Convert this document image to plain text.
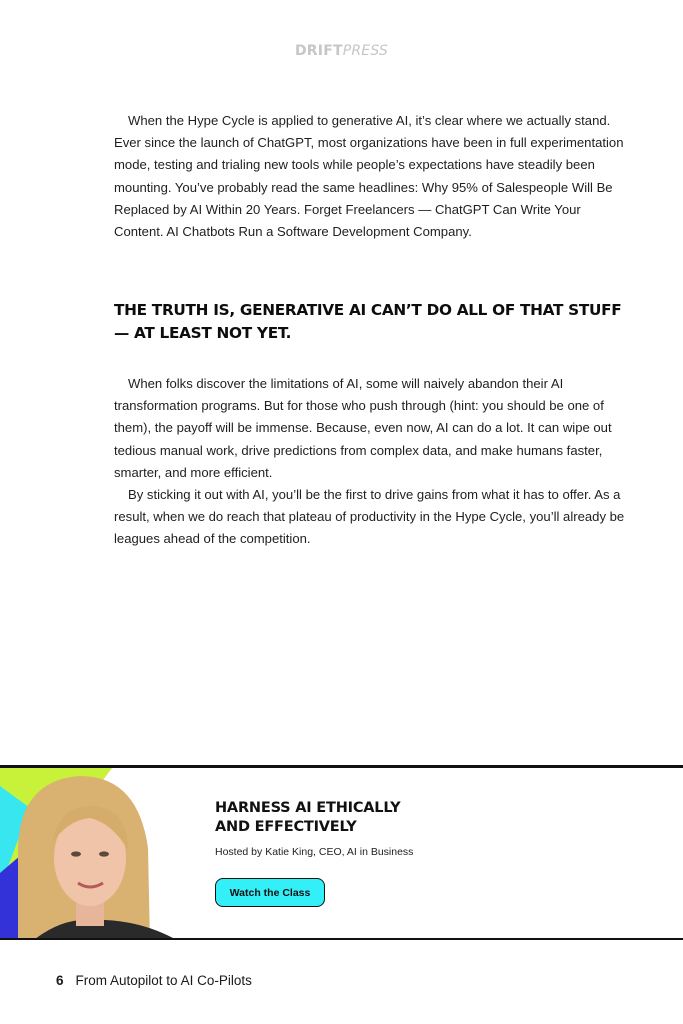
DRIFTPRESS

When the Hype Cycle is applied to generative AI, it’s clear where we actually stand. Ever since the launch of ChatGPT, most organizations have been in full experimentation mode, testing and trialing new tools while people’s expectations have steadily been mounting. You’ve probably read the same headlines: Why 95% of Salespeople Will Be Replaced by AI Within 20 Years. Forget Freelancers — ChatGPT Can Write Your Content. AI Chatbots Run a Software Development Company.

THE TRUTH IS, GENERATIVE AI CAN’T DO ALL OF THAT STUFF — AT LEAST NOT YET.

When folks discover the limitations of AI, some will naively abandon their AI transformation programs. But for those who push through (hint: you should be one of them), the payoff will be immense. Because, even now, AI can do a lot. It can wipe out tedious manual work, drive predictions from complex data, and make humans faster, smarter, and more efficient.

By sticking it out with AI, you’ll be the first to drive gains from what it has to offer. As a result, when we do reach that plateau of productivity in the Hype Cycle, you’ll already be leagues ahead of the competition.

HARNESS AI ETHICALLY
AND EFFECTIVELY
Hosted by Katie King, CEO, AI in Business
Watch the Class
6 From Autopilot to AI Co-Pilots
